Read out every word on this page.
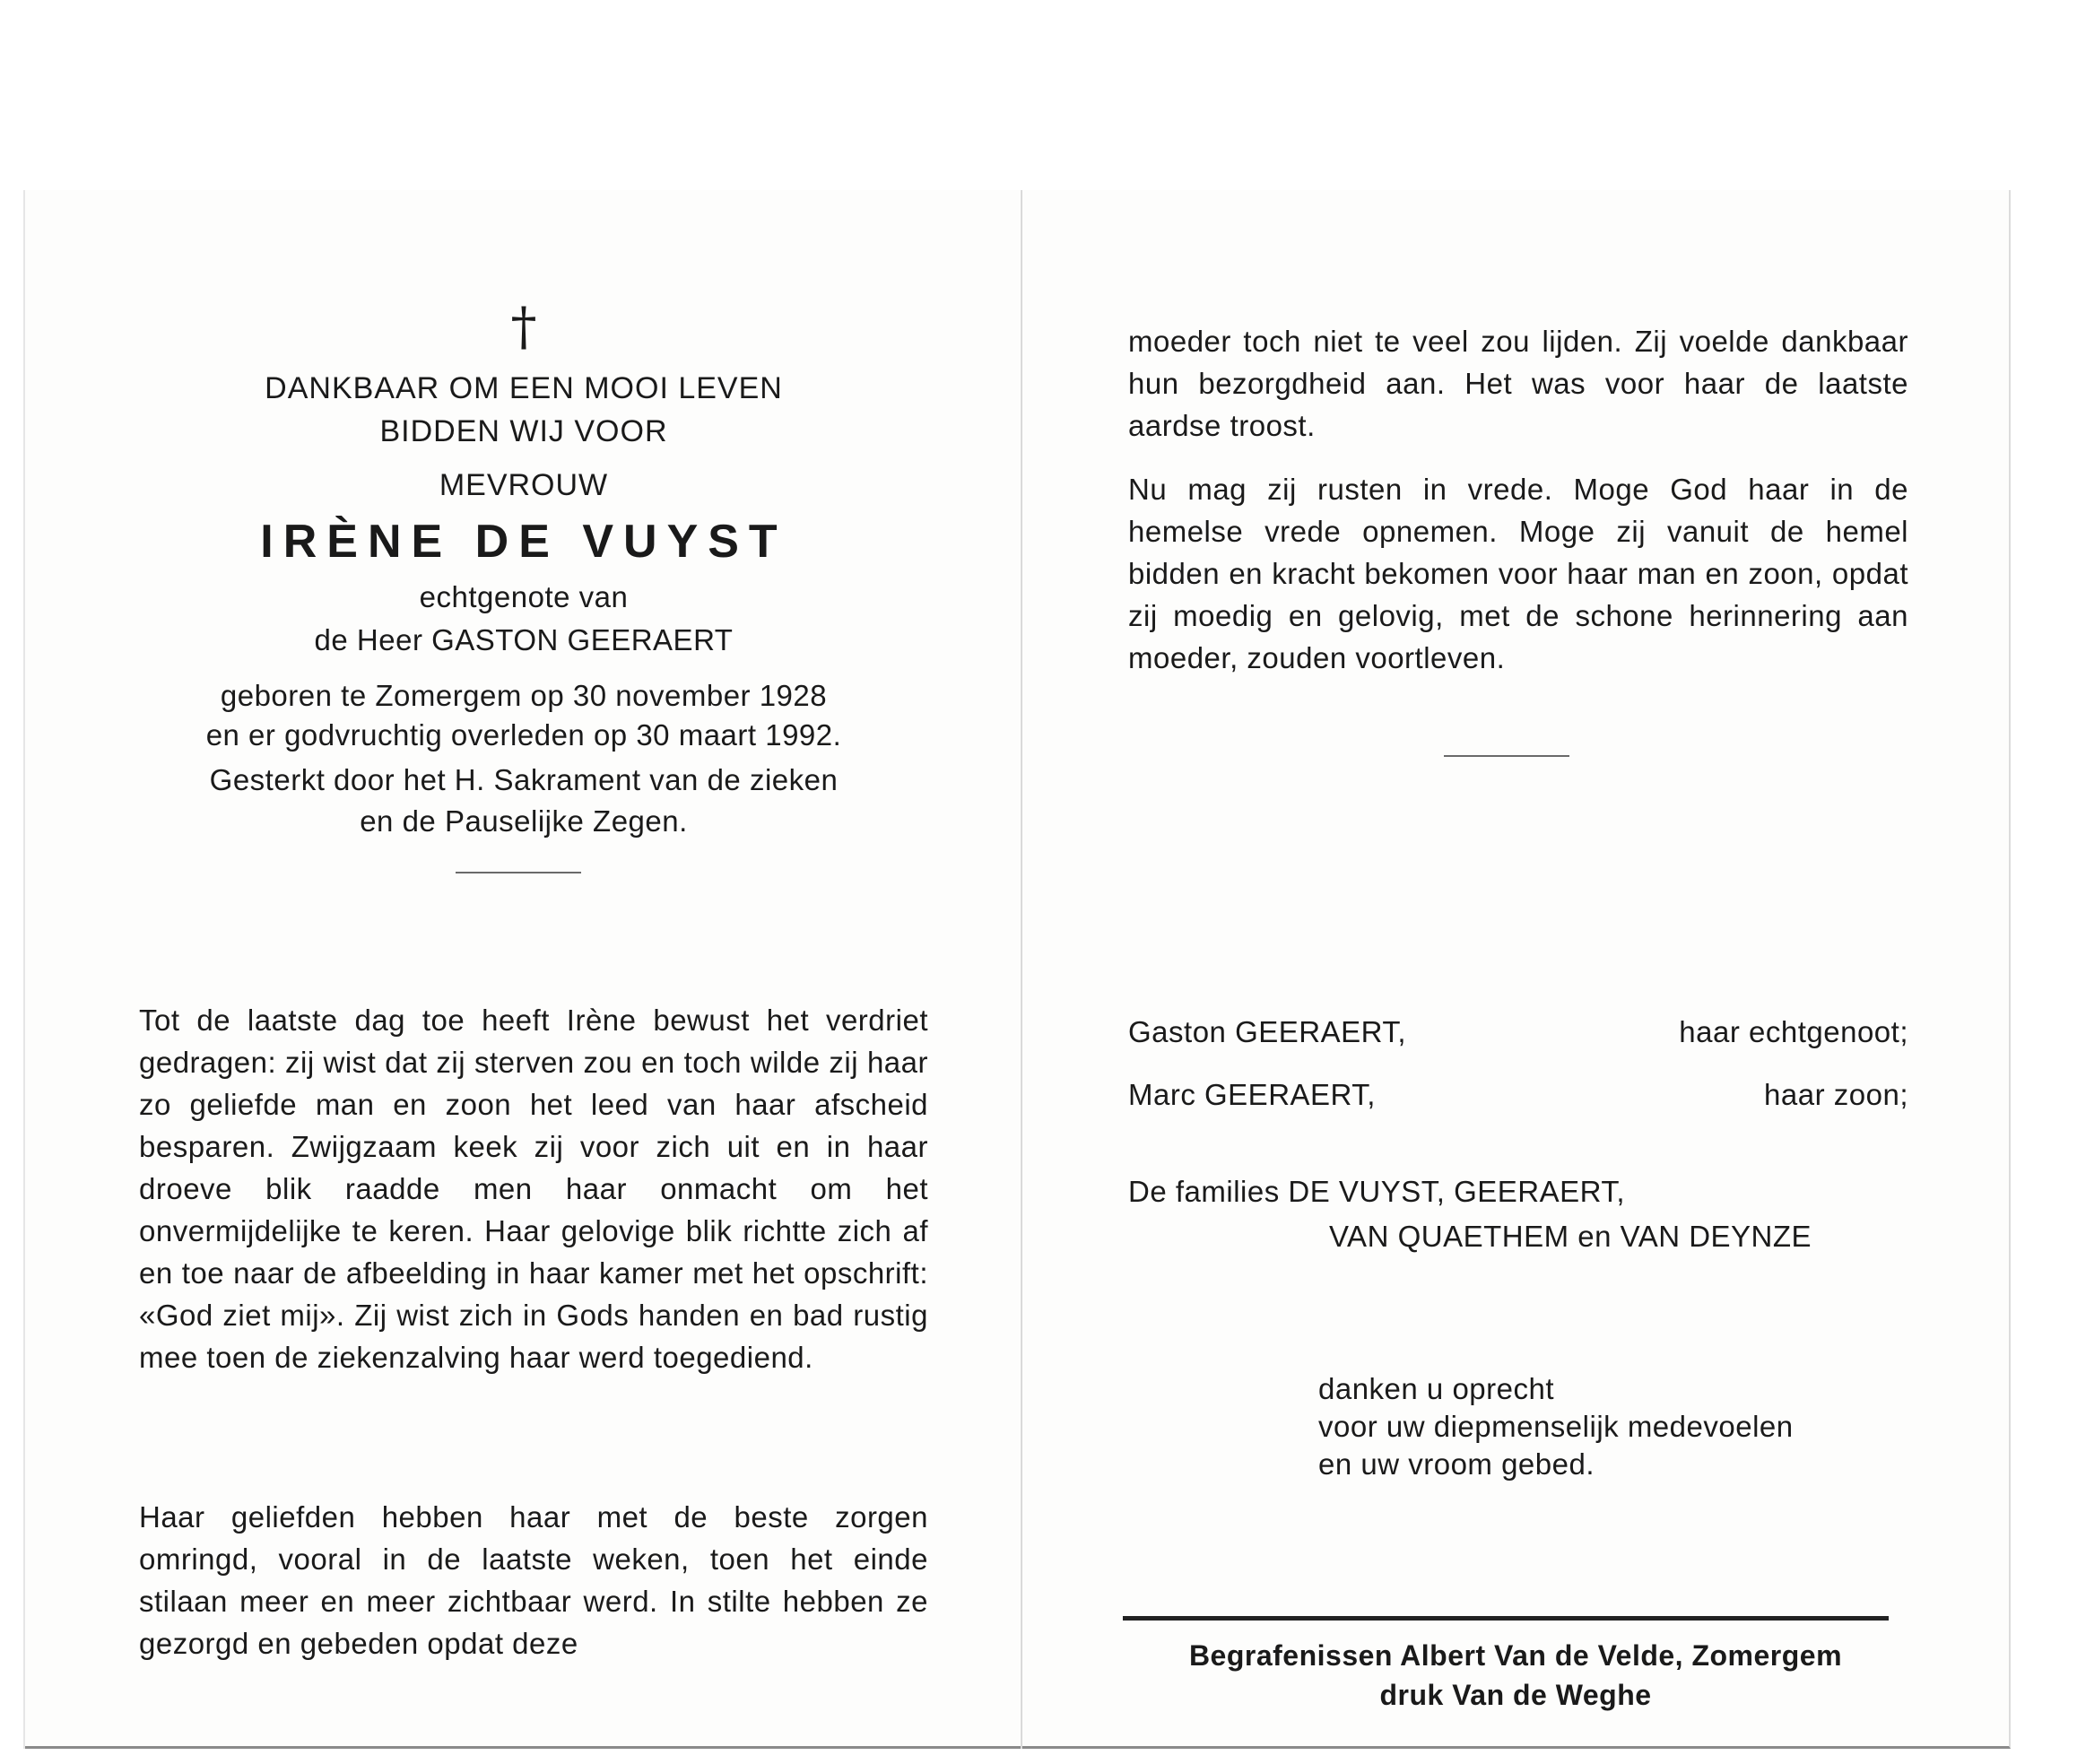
†

DANKBAAR OM EEN MOOI LEVEN

BIDDEN WIJ VOOR

MEVROUW

IRÈNE DE VUYST

echtgenote van

de Heer GASTON GEERAERT

geboren te Zomergem op 30 november 1928

en er godvruchtig overleden op 30 maart 1992.

Gesterkt door het H. Sakrament van de zieken

en de Pauselijke Zegen.

Tot de laatste dag toe heeft Irène bewust het verdriet gedragen: zij wist dat zij sterven zou en toch wilde zij haar zo geliefde man en zoon het leed van haar afscheid besparen. Zwijgzaam keek zij voor zich uit en in haar droeve blik raadde men haar onmacht om het onvermijdelijke te keren. Haar gelovige blik richtte zich af en toe naar de afbeelding in haar kamer met het opschrift: «God ziet mij». Zij wist zich in Gods handen en bad rustig mee toen de ziekenzalving haar werd toegediend.

Haar geliefden hebben haar met de beste zorgen omringd, vooral in de laatste weken, toen het einde stilaan meer en meer zichtbaar werd. In stilte hebben ze gezorgd en gebeden opdat deze

moeder toch niet te veel zou lijden. Zij voelde dankbaar hun bezorgdheid aan. Het was voor haar de laatste aardse troost.

Nu mag zij rusten in vrede. Moge God haar in de hemelse vrede opnemen. Moge zij vanuit de hemel bidden en kracht bekomen voor haar man en zoon, opdat zij moedig en gelovig, met de schone herinnering aan moeder, zouden voortleven.

Gaston GEERAERT,	haar echtgenoot;
Marc GEERAERT,	haar zoon;

De families DE VUYST, GEERAERT,

VAN QUAETHEM en VAN DEYNZE

danken u oprecht

voor uw diepmenselijk medevoelen

en uw vroom gebed.

Begrafenissen Albert Van de Velde, Zomergem
druk Van de Weghe
